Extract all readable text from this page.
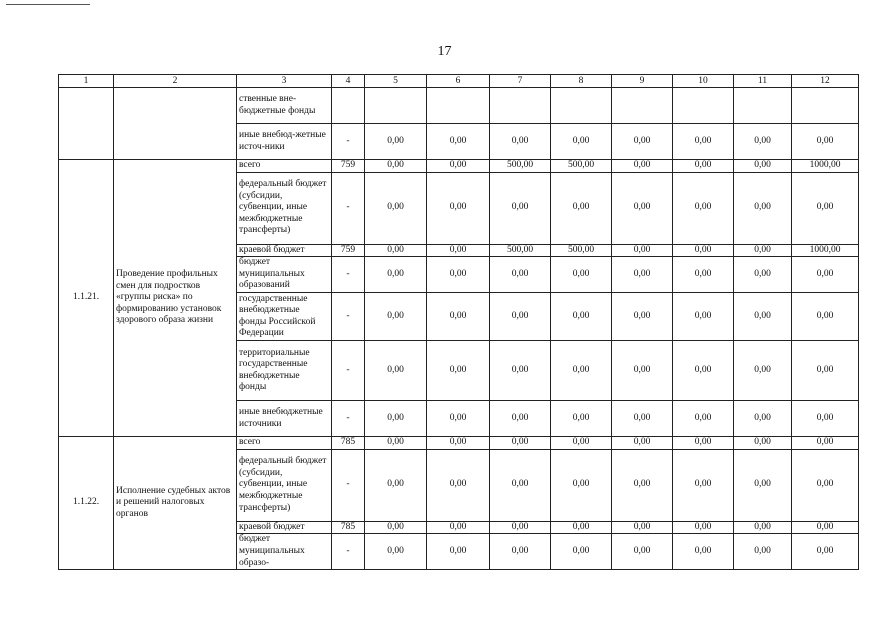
17
1	2	3	4	5	6	7	8	9	10	11	12
		ственные вне-бюджетные фонды									
		иные внебюд-жетные источ-ники	-	0,00	0,00	0,00	0,00	0,00	0,00	0,00	0,00
1.1.21.	Проведение профильных смен для подростков «группы риска» по формированию установок здорового образа жизни	всего	759	0,00	0,00	500,00	500,00	0,00	0,00	0,00	1000,00
		федеральный бюджет (субсидии, субвенции, иные межбюджетные трансферты)	-	0,00	0,00	0,00	0,00	0,00	0,00	0,00	0,00
		краевой бюджет	759	0,00	0,00	500,00	500,00	0,00	0,00	0,00	1000,00
		бюджет муниципальных образований	-	0,00	0,00	0,00	0,00	0,00	0,00	0,00	0,00
		государственные внебюджетные фонды Российской Федерации	-	0,00	0,00	0,00	0,00	0,00	0,00	0,00	0,00
		территориальные государственные внебюджетные фонды	-	0,00	0,00	0,00	0,00	0,00	0,00	0,00	0,00
		иные внебюджетные источники	-	0,00	0,00	0,00	0,00	0,00	0,00	0,00	0,00
1.1.22.	Исполнение судебных актов и решений налоговых органов	всего	785	0,00	0,00	0,00	0,00	0,00	0,00	0,00	0,00
		федеральный бюджет (субсидии, субвенции, иные межбюджетные трансферты)	-	0,00	0,00	0,00	0,00	0,00	0,00	0,00	0,00
		краевой бюджет	785	0,00	0,00	0,00	0,00	0,00	0,00	0,00	0,00
		бюджет муниципальных образо-	-	0,00	0,00	0,00	0,00	0,00	0,00	0,00	0,00
